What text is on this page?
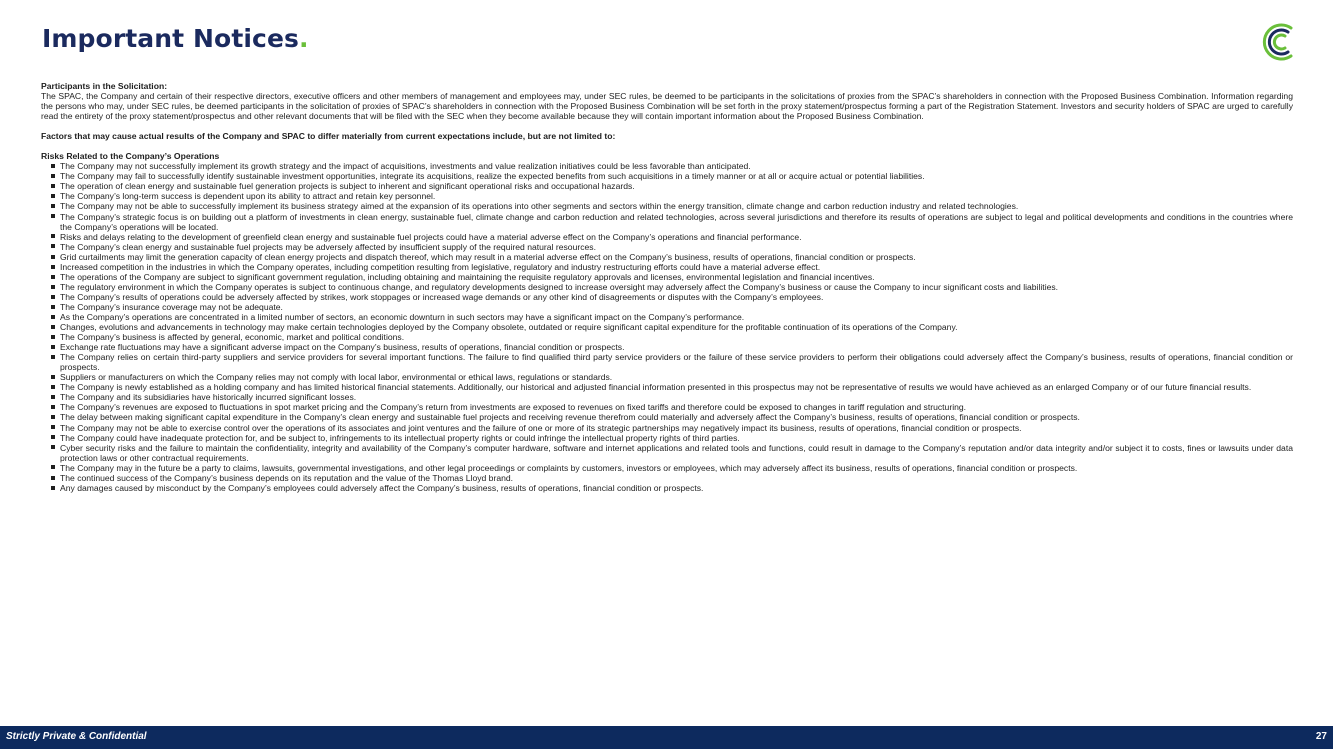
Important Notices.

Participants in the Solicitation:

The SPAC, the Company and certain of their respective directors, executive officers and other members of management and employees may, under SEC rules, be deemed to be participants in the solicitations of proxies from the SPAC’s shareholders in connection with the Proposed Business Combination. Information regarding the persons who may, under SEC rules, be deemed participants in the solicitation of proxies of SPAC’s shareholders in connection with the Proposed Business Combination will be set forth in the proxy statement/prospectus forming a part of the Registration Statement. Investors and security holders of SPAC are urged to carefully read the entirety of the proxy statement/prospectus and other relevant documents that will be filed with the SEC when they become available because they will contain important information about the Proposed Business Combination.

Factors that may cause actual results of the Company and SPAC to differ materially from current expectations include, but are not limited to:

Risks Related to the Company’s Operations

The Company may not successfully implement its growth strategy and the impact of acquisitions, investments and value realization initiatives could be less favorable than anticipated.
The Company may fail to successfully identify sustainable investment opportunities, integrate its acquisitions, realize the expected benefits from such acquisitions in a timely manner or at all or acquire actual or potential liabilities.
The operation of clean energy and sustainable fuel generation projects is subject to inherent and significant operational risks and occupational hazards.
The Company’s long-term success is dependent upon its ability to attract and retain key personnel.
The Company may not be able to successfully implement its business strategy aimed at the expansion of its operations into other segments and sectors within the energy transition, climate change and carbon reduction industry and related technologies.
The Company’s strategic focus is on building out a platform of investments in clean energy, sustainable fuel, climate change and carbon reduction and related technologies, across several jurisdictions and therefore its results of operations are subject to legal and political developments and conditions in the countries where the Company’s operations will be located.
Risks and delays relating to the development of greenfield clean energy and sustainable fuel projects could have a material adverse effect on the Company’s operations and financial performance.
The Company’s clean energy and sustainable fuel projects may be adversely affected by insufficient supply of the required natural resources.
Grid curtailments may limit the generation capacity of clean energy projects and dispatch thereof, which may result in a material adverse effect on the Company’s business, results of operations, financial condition or prospects.
Increased competition in the industries in which the Company operates, including competition resulting from legislative, regulatory and industry restructuring efforts could have a material adverse effect.
The operations of the Company are subject to significant government regulation, including obtaining and maintaining the requisite regulatory approvals and licenses, environmental legislation and financial incentives.
The regulatory environment in which the Company operates is subject to continuous change, and regulatory developments designed to increase oversight may adversely affect the Company’s business or cause the Company to incur significant costs and liabilities.
The Company’s results of operations could be adversely affected by strikes, work stoppages or increased wage demands or any other kind of disagreements or disputes with the Company’s employees.
The Company’s insurance coverage may not be adequate.
As the Company’s operations are concentrated in a limited number of sectors, an economic downturn in such sectors may have a significant impact on the Company’s performance.
Changes, evolutions and advancements in technology may make certain technologies deployed by the Company obsolete, outdated or require significant capital expenditure for the profitable continuation of its operations of the Company.
The Company’s business is affected by general, economic, market and political conditions.
Exchange rate fluctuations may have a significant adverse impact on the Company’s business, results of operations, financial condition or prospects.
The Company relies on certain third-party suppliers and service providers for several important functions. The failure to find qualified third party service providers or the failure of these service providers to perform their obligations could adversely affect the Company’s business, results of operations, financial condition or prospects.
Suppliers or manufacturers on which the Company relies may not comply with local labor, environmental or ethical laws, regulations or standards.
The Company is newly established as a holding company and has limited historical financial statements. Additionally, our historical and adjusted financial information presented in this prospectus may not be representative of results we would have achieved as an enlarged Company or of our future financial results.
The Company and its subsidiaries have historically incurred significant losses.
The Company’s revenues are exposed to fluctuations in spot market pricing and the Company’s return from investments are exposed to revenues on fixed tariffs and therefore could be exposed to changes in tariff regulation and structuring.
The delay between making significant capital expenditure in the Company’s clean energy and sustainable fuel projects and receiving revenue therefrom could materially and adversely affect the Company’s business, results of operations, financial condition or prospects.
The Company may not be able to exercise control over the operations of its associates and joint ventures and the failure of one or more of its strategic partnerships may negatively impact its business, results of operations, financial condition or prospects.
The Company could have inadequate protection for, and be subject to, infringements to its intellectual property rights or could infringe the intellectual property rights of third parties.
Cyber security risks and the failure to maintain the confidentiality, integrity and availability of the Company’s computer hardware, software and internet applications and related tools and functions, could result in damage to the Company’s reputation and/or data integrity and/or subject it to costs, fines or lawsuits under data protection laws or other contractual requirements.
The Company may in the future be a party to claims, lawsuits, governmental investigations, and other legal proceedings or complaints by customers, investors or employees, which may adversely affect its business, results of operations, financial condition or prospects.
The continued success of the Company’s business depends on its reputation and the value of the Thomas Lloyd brand.
Any damages caused by misconduct by the Company’s employees could adversely affect the Company’s business, results of operations, financial condition or prospects.
Strictly Private & Confidential	27
